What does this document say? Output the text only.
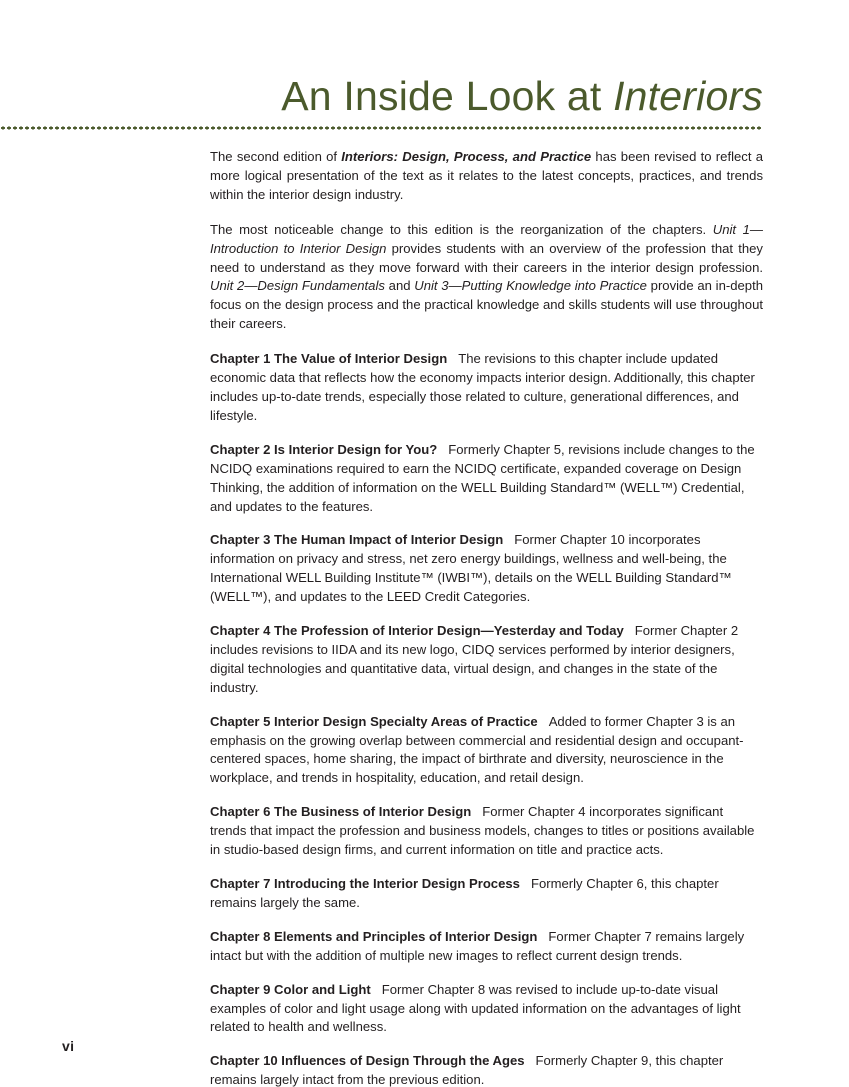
An Inside Look at Interiors

The second edition of Interiors: Design, Process, and Practice has been revised to reflect a more logical presentation of the text as it relates to the latest concepts, practices, and trends within the interior design industry.

The most noticeable change to this edition is the reorganization of the chapters. Unit 1—Introduction to Interior Design provides students with an overview of the profession that they need to understand as they move forward with their careers in the interior design profession. Unit 2—Design Fundamentals and Unit 3—Putting Knowledge into Practice provide an in-depth focus on the design process and the practical knowledge and skills students will use throughout their careers.

Chapter 1 The Value of Interior Design The revisions to this chapter include updated economic data that reflects how the economy impacts interior design. Additionally, this chapter includes up-to-date trends, especially those related to culture, generational differences, and lifestyle.

Chapter 2 Is Interior Design for You? Formerly Chapter 5, revisions include changes to the NCIDQ examinations required to earn the NCIDQ certificate, expanded coverage on Design Thinking, the addition of information on the WELL Building Standard™ (WELL™) Credential, and updates to the features.

Chapter 3 The Human Impact of Interior Design Former Chapter 10 incorporates information on privacy and stress, net zero energy buildings, wellness and well-being, the International WELL Building Institute™ (IWBI™), details on the WELL Building Standard™ (WELL™), and updates to the LEED Credit Categories.

Chapter 4 The Profession of Interior Design—Yesterday and Today Former Chapter 2 includes revisions to IIDA and its new logo, CIDQ services performed by interior designers, digital technologies and quantitative data, virtual design, and changes in the state of the industry.

Chapter 5 Interior Design Specialty Areas of Practice Added to former Chapter 3 is an emphasis on the growing overlap between commercial and residential design and occupant-centered spaces, home sharing, the impact of birthrate and diversity, neuroscience in the workplace, and trends in hospitality, education, and retail design.

Chapter 6 The Business of Interior Design Former Chapter 4 incorporates significant trends that impact the profession and business models, changes to titles or positions available in studio-based design firms, and current information on title and practice acts.

Chapter 7 Introducing the Interior Design Process Formerly Chapter 6, this chapter remains largely the same.

Chapter 8 Elements and Principles of Interior Design Former Chapter 7 remains largely intact but with the addition of multiple new images to reflect current design trends.

Chapter 9 Color and Light Former Chapter 8 was revised to include up-to-date visual examples of color and light usage along with updated information on the advantages of light related to health and wellness.

Chapter 10 Influences of Design Through the Ages Formerly Chapter 9, this chapter remains largely intact from the previous edition.

vi
